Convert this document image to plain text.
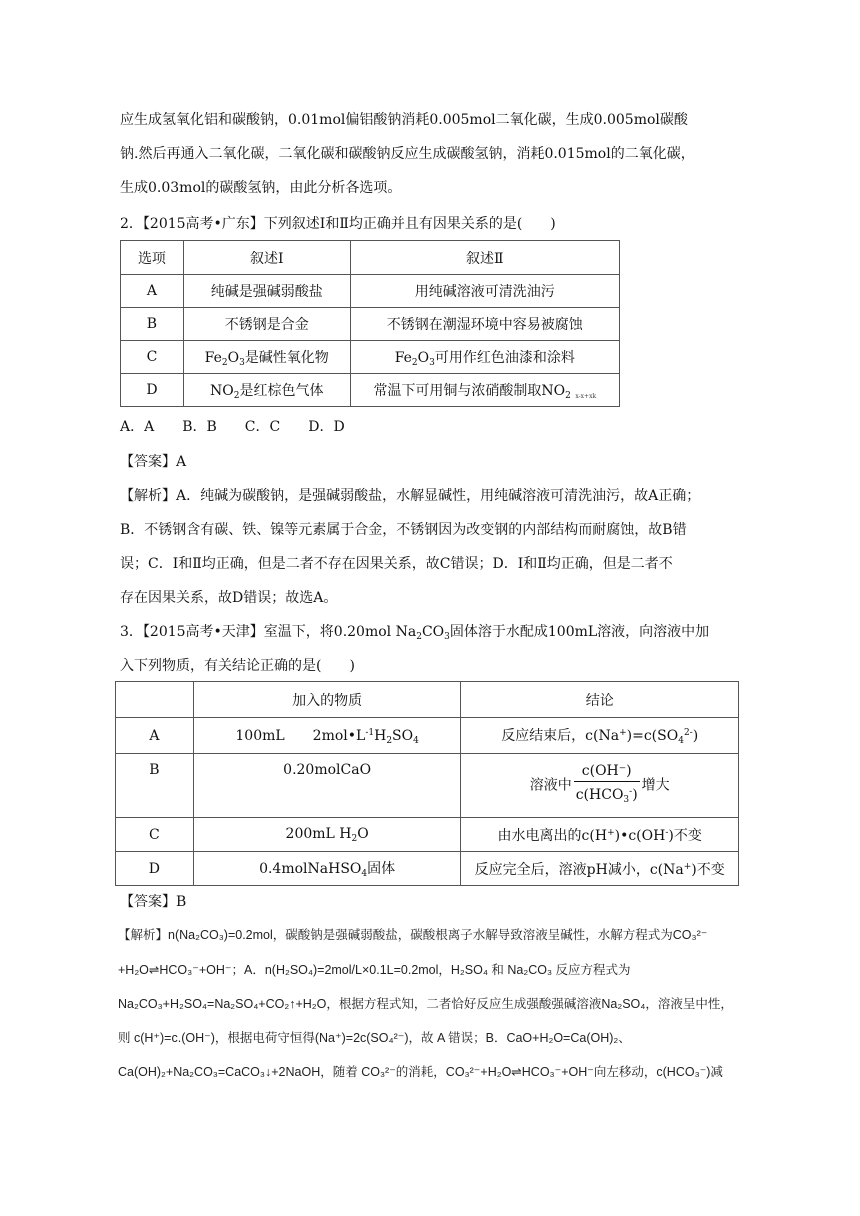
应生成氢氧化铝和碳酸钠，0.01mol偏铝酸钠消耗0.005mol二氧化碳，生成0.005mol碳酸
钠.然后再通入二氧化碳，二氧化碳和碳酸钠反应生成碳酸氢钠，消耗0.015mol的二氧化碳，
生成0.03mol的碳酸氢钠，由此分析各选项。
2．【2015高考•广东】下列叙述Ⅰ和Ⅱ均正确并且有因果关系的是(　　)
选项	叙述Ⅰ	叙述Ⅱ
A	纯碱是强碱弱酸盐	用纯碱溶液可清洗油污
B	不锈钢是合金	不锈钢在潮湿环境中容易被腐蚀
C	$Fe_2O_3$是碱性氧化物	$Fe_2O_3$可用作红色油漆和涂料
D	$NO_2$是红棕色气体	常温下可用铜与浓硝酸制取$NO_2$ $_{x-x+xk}$
A．A　　B．B　　C．C　　D．D
【答案】A
【解析】A．纯碱为碳酸钠，是强碱弱酸盐，水解显碱性，用纯碱溶液可清洗油污，故A正确；
B．不锈钢含有碳、铁、镍等元素属于合金，不锈钢因为改变钢的内部结构而耐腐蚀，故B错
误；C．Ⅰ和Ⅱ均正确，但是二者不存在因果关系，故C错误；D．Ⅰ和Ⅱ均正确，但是二者不
存在因果关系，故D错误；故选A。
3．【2015高考•天津】室温下，将0.20mol $Na_2CO_3$固体溶于水配成100mL溶液，向溶液中加
入下列物质，有关结论正确的是(　　)
	加入的物质	结论
A	100mL　　$2mol•L^{-1}H_2SO_4$	反应结束后，$c(Na^+)=c(SO_4^{2-})$
B	0.20molCaO	溶液中 $\frac{c(OH^-)}{c(HCO_3^-)}$ 增大
C	200mL $H_2O$	由水电离出的c(H+)•c(OH-)不变
D	0.4molNaHSO$_4$固体	反应完全后，溶液pH减小，c(Na+)不变
【答案】B
【解析】n(Na₂CO₃)=0.2mol，碳酸钠是强碱弱酸盐，碳酸根离子水解导致溶液呈碱性，水解方程式为CO₃²⁻
+H₂O⇌HCO₃⁻+OH⁻；A．n(H₂SO₄)=2mol/L×0.1L=0.2mol，H₂SO₄ 和 Na₂CO₃ 反应方程式为
Na₂CO₃+H₂SO₄=Na₂SO₄+CO₂↑+H₂O，根据方程式知，二者恰好反应生成强酸强碱溶液Na₂SO₄，溶液呈中性，
则 c(H⁺)=c.(OH⁻)，根据电荷守恒得(Na⁺)=2c(SO₄²⁻)，故 A 错误；B．CaO+H₂O=Ca(OH)₂、
Ca(OH)₂+Na₂CO₃=CaCO₃↓+2NaOH，随着 CO₃²⁻的消耗，CO₃²⁻+H₂O⇌HCO₃⁻+OH⁻向左移动，c(HCO₃⁻)减
